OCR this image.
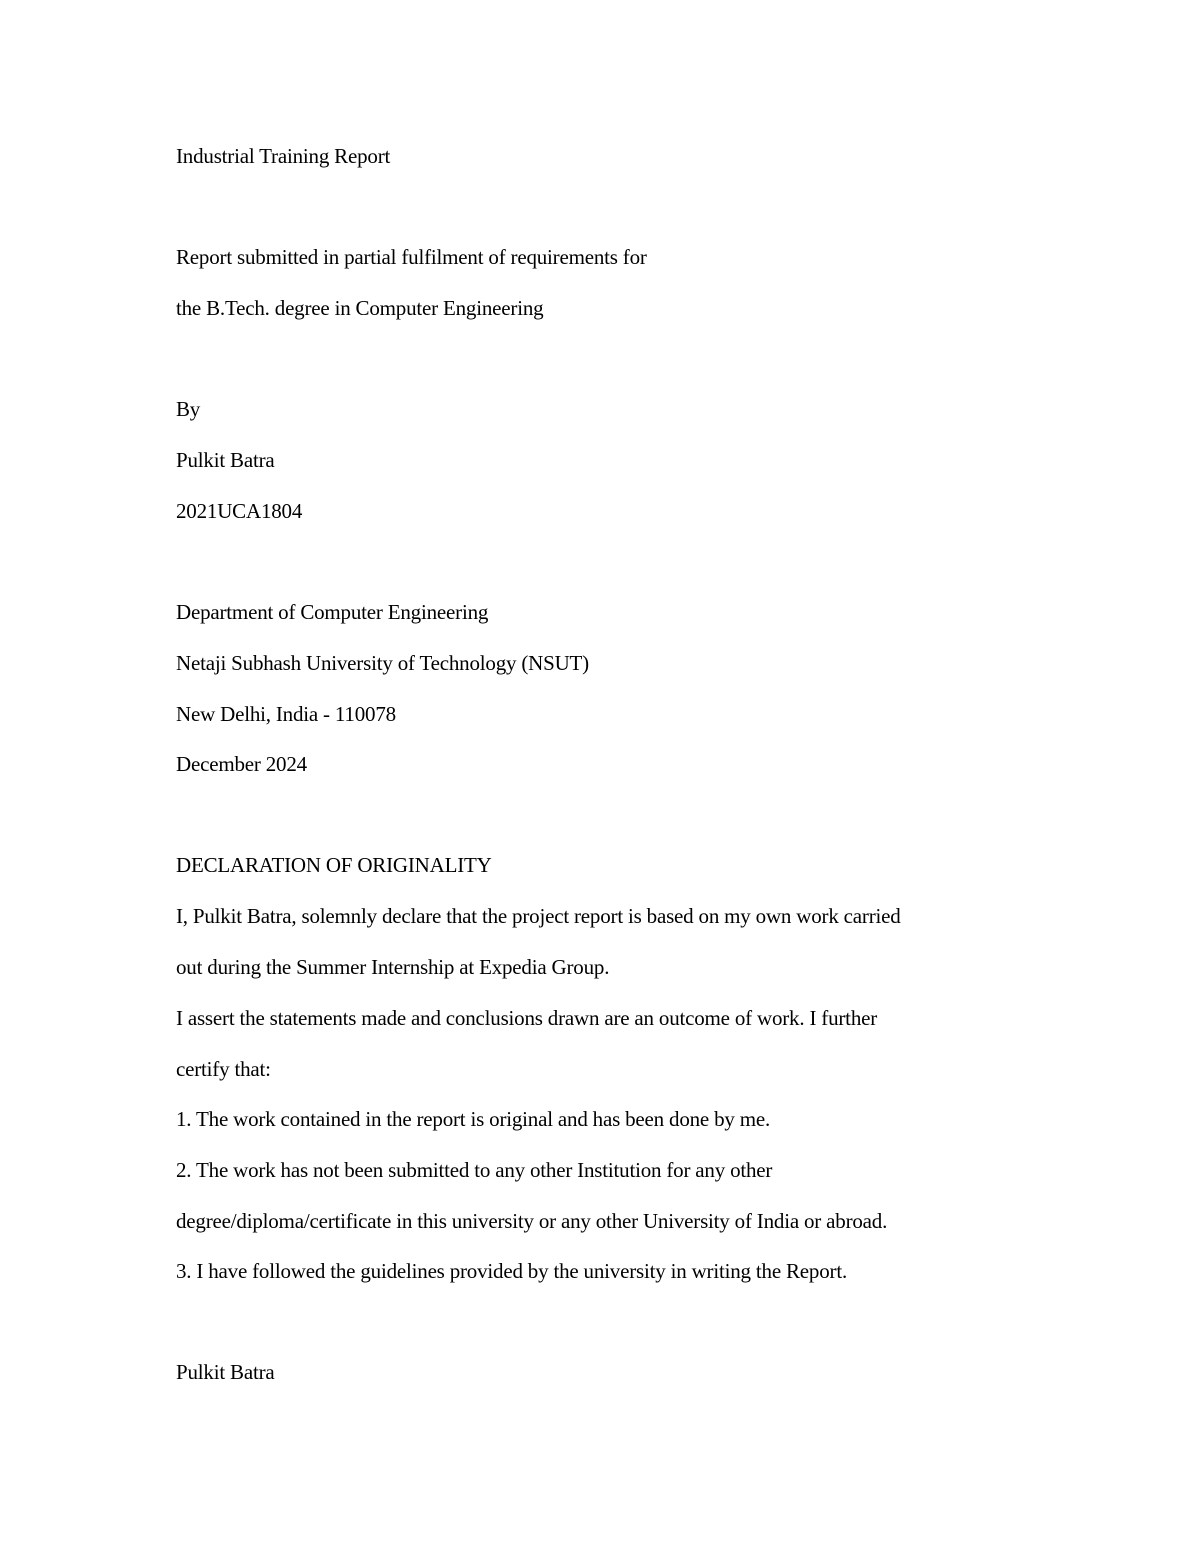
Industrial Training Report

Report submitted in partial fulfilment of requirements for

the B.Tech. degree in Computer Engineering

By

Pulkit Batra

2021UCA1804

Department of Computer Engineering

Netaji Subhash University of Technology (NSUT)

New Delhi, India - 110078

December 2024

DECLARATION OF ORIGINALITY

I, Pulkit Batra, solemnly declare that the project report is based on my own work carried

out during the Summer Internship at Expedia Group.

I assert the statements made and conclusions drawn are an outcome of work. I further

certify that:

1. The work contained in the report is original and has been done by me.

2. The work has not been submitted to any other Institution for any other

degree/diploma/certificate in this university or any other University of India or abroad.

3. I have followed the guidelines provided by the university in writing the Report.

Pulkit Batra
